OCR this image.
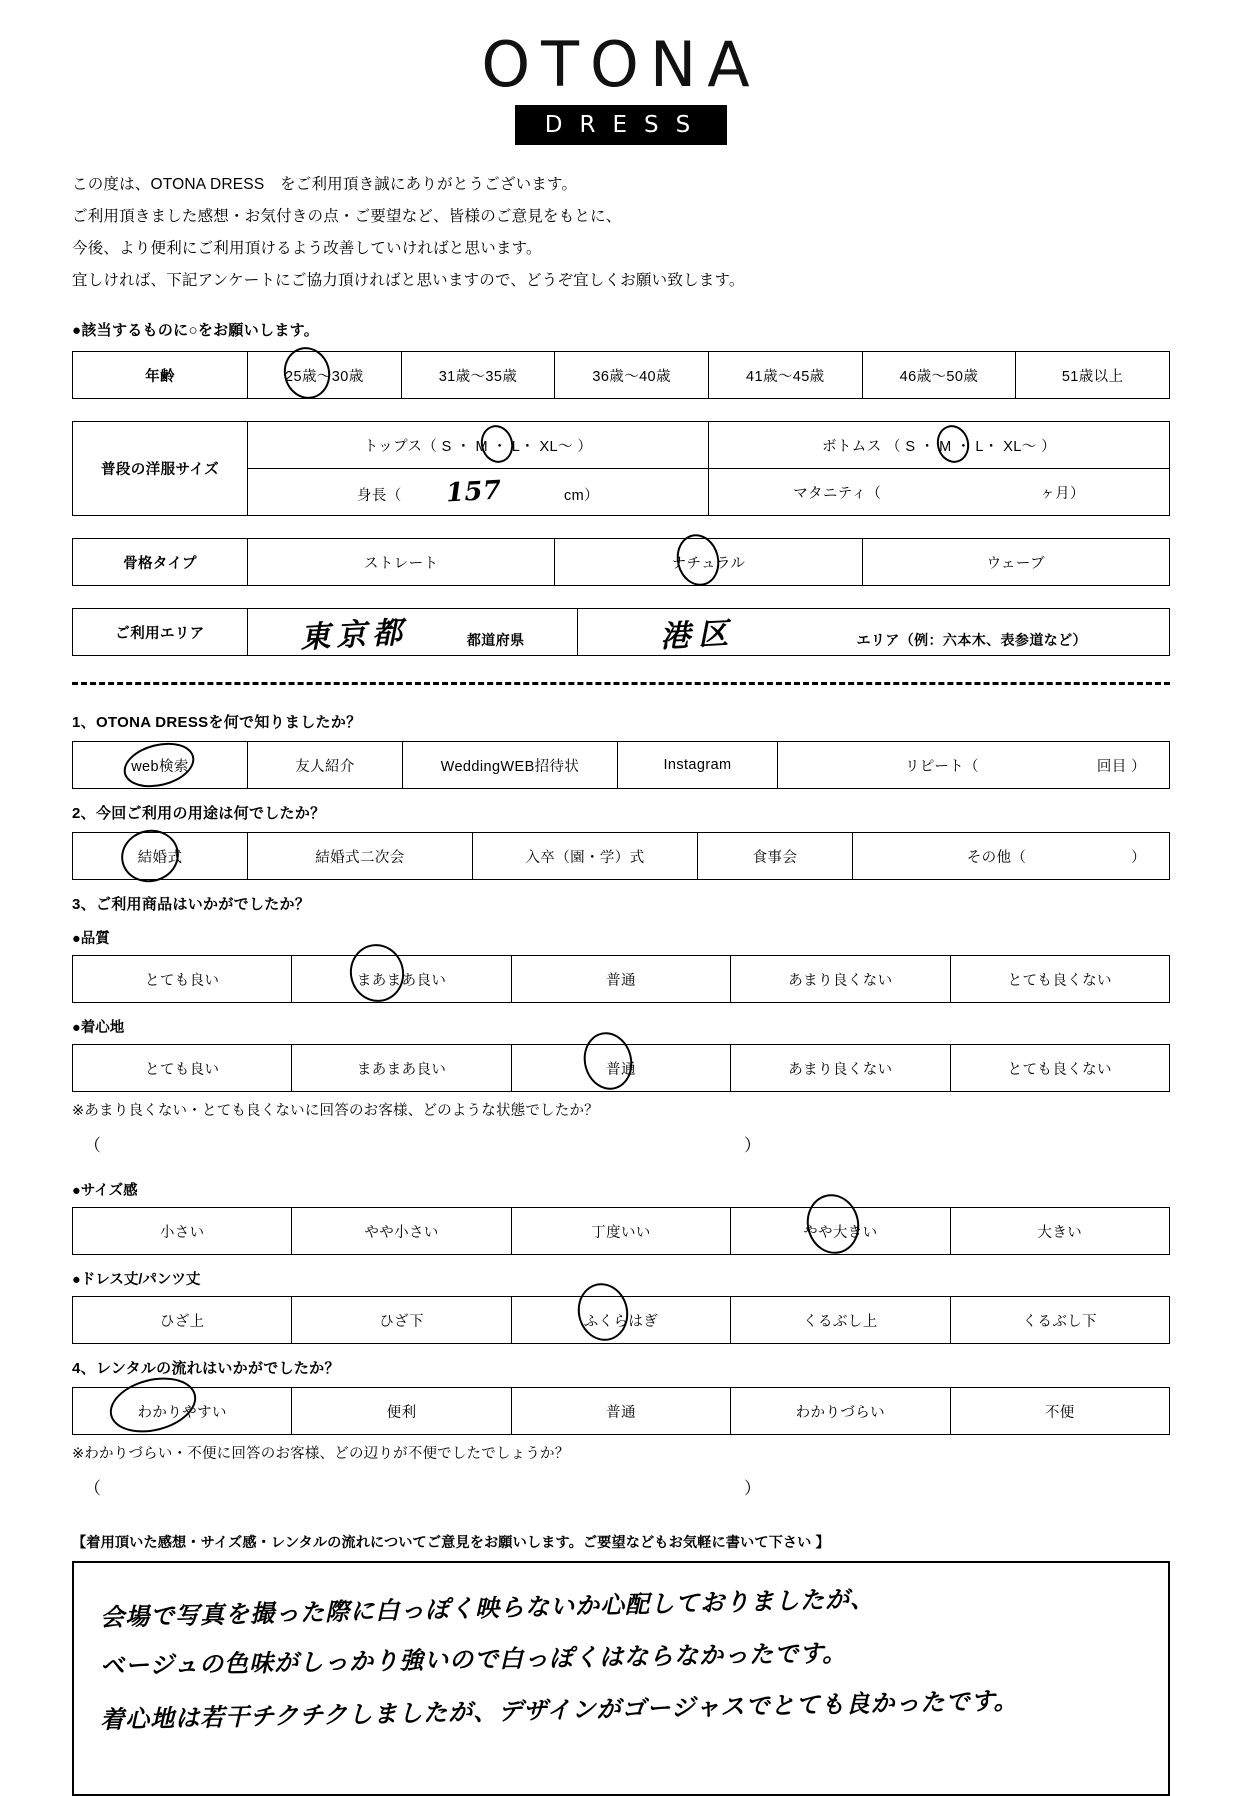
OTONA
DRESS
この度は、OTONA DRESS　をご利用頂き誠にありがとうございます。
ご利用頂きました感想・お気付きの点・ご要望など、皆様のご意見をもとに、
今後、より便利にご利用頂けるよう改善していければと思います。
宜しければ、下記アンケートにご協力頂ければと思いますので、どうぞ宜しくお願い致します。
●該当するものに○をお願いします。
年齢	25歳～30歳	31歳～35歳	36歳～40歳	41歳～45歳	46歳～50歳	51歳以上
普段の洋服サイズ	トップス（ S ・ M ・ L・ XL～ ）	ボトムス （ S ・ M ・ L・ XL～ ）

	身長（ 157 cm）	マタニティ（ ヶ月）
骨格タイプ	ストレート	ナチュラル	ウェーブ
ご利用エリア	東京都	都道府県	港区	エリア（例：六本木、表参道など）
1、OTONA DRESSを何で知りましたか？
web検索	友人紹介	WeddingWEB招待状	Instagram	リピート（	回目 ）
2、今回ご利用の用途は何でしたか？
結婚式	結婚式二次会	入卒（園・学）式	食事会	その他（	）
3、ご利用商品はいかがでしたか？
●品質
とても良い	まあまあ良い	普通	あまり良くない	とても良くない
●着心地
とても良い	まあまあ良い	普通	あまり良くない	とても良くない
※あまり良くない・とても良くないに回答のお客様、どのような状態でしたか？
（	）
●サイズ感
小さい	やや小さい	丁度いい	やや大きい	大きい
●ドレス丈/パンツ丈
ひざ上	ひざ下	ふくらはぎ	くるぶし上	くるぶし下
4、レンタルの流れはいかがでしたか？
わかりやすい	便利	普通	わかりづらい	不便
※わかりづらい・不便に回答のお客様、どの辺りが不便でしたでしょうか？
（	）
【着用頂いた感想・サイズ感・レンタルの流れについてご意見をお願いします。ご要望などもお気軽に書いて下さい 】
会場で写真を撮った際に白っぽく映らないか心配しておりましたが、
ベージュの色味がしっかり強いので白っぽくはならなかったです。
着心地は若干チクチクしましたが、デザインがゴージャスでとても良かったです。
